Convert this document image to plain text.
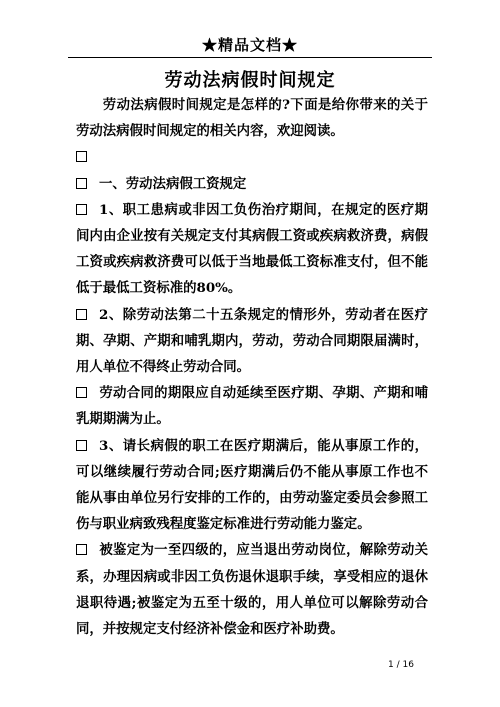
★精品文档★
劳动法病假时间规定

劳动法病假时间规定是怎样的?下面是给你带来的关于劳动法病假时间规定的相关内容，欢迎阅读。

一、劳动法病假工资规定

1、职工患病或非因工负伤治疗期间，在规定的医疗期间内由企业按有关规定支付其病假工资或疾病救济费，病假工资或疾病救济费可以低于当地最低工资标准支付，但不能低于最低工资标准的80%。

2、除劳动法第二十五条规定的情形外，劳动者在医疗期、孕期、产期和哺乳期内，劳动，劳动合同期限届满时，用人单位不得终止劳动合同。

劳动合同的期限应自动延续至医疗期、孕期、产期和哺乳期期满为止。

3、请长病假的职工在医疗期满后，能从事原工作的，可以继续履行劳动合同;医疗期满后仍不能从事原工作也不能从事由单位另行安排的工作的，由劳动鉴定委员会参照工伤与职业病致残程度鉴定标准进行劳动能力鉴定。

被鉴定为一至四级的，应当退出劳动岗位，解除劳动关系，办理因病或非因工负伤退休退职手续，享受相应的退休退职待遇;被鉴定为五至十级的，用人单位可以解除劳动合同，并按规定支付经济补偿金和医疗补助费。

1 / 16
